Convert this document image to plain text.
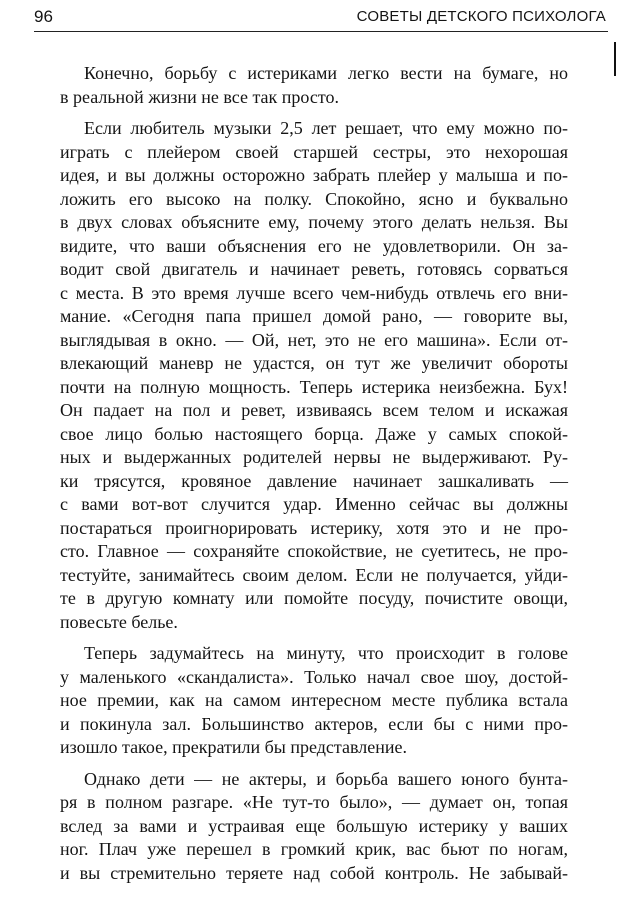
96	СОВЕТЫ ДЕТСКОГО ПСИХОЛОГА

Конечно, борьбу с истериками легко вести на бумаге, но
в реальной жизни не все так просто.

Если любитель музыки 2,5 лет решает, что ему можно по-
играть с плейером своей старшей сестры, это нехорошая
идея, и вы должны осторожно забрать плейер у малыша и по-
ложить его высоко на полку. Спокойно, ясно и буквально
в двух словах объясните ему, почему этого делать нельзя. Вы
видите, что ваши объяснения его не удовлетворили. Он за-
водит свой двигатель и начинает реветь, готовясь сорваться
с места. В это время лучше всего чем-нибудь отвлечь его вни-
мание. «Сегодня папа пришел домой рано, — говорите вы,
выглядывая в окно. — Ой, нет, это не его машина». Если от-
влекающий маневр не удастся, он тут же увеличит обороты
почти на полную мощность. Теперь истерика неизбежна. Бух!
Он падает на пол и ревет, извиваясь всем телом и искажая
свое лицо болью настоящего борца. Даже у самых спокой-
ных и выдержанных родителей нервы не выдерживают. Ру-
ки трясутся, кровяное давление начинает зашкаливать —
с вами вот-вот случится удар. Именно сейчас вы должны
постараться проигнорировать истерику, хотя это и не про-
сто. Главное — сохраняйте спокойствие, не суетитесь, не про-
тестуйте, занимайтесь своим делом. Если не получается, уйди-
те в другую комнату или помойте посуду, почистите овощи,
повесьте белье.

Теперь задумайтесь на минуту, что происходит в голове
у маленького «скандалиста». Только начал свое шоу, достой-
ное премии, как на самом интересном месте публика встала
и покинула зал. Большинство актеров, если бы с ними про-
изошло такое, прекратили бы представление.

Однако дети — не актеры, и борьба вашего юного бунта-
ря в полном разгаре. «Не тут-то было», — думает он, топая
вслед за вами и устраивая еще большую истерику у ваших
ног. Плач уже перешел в громкий крик, вас бьют по ногам,
и вы стремительно теряете над собой контроль. Не забывай-
